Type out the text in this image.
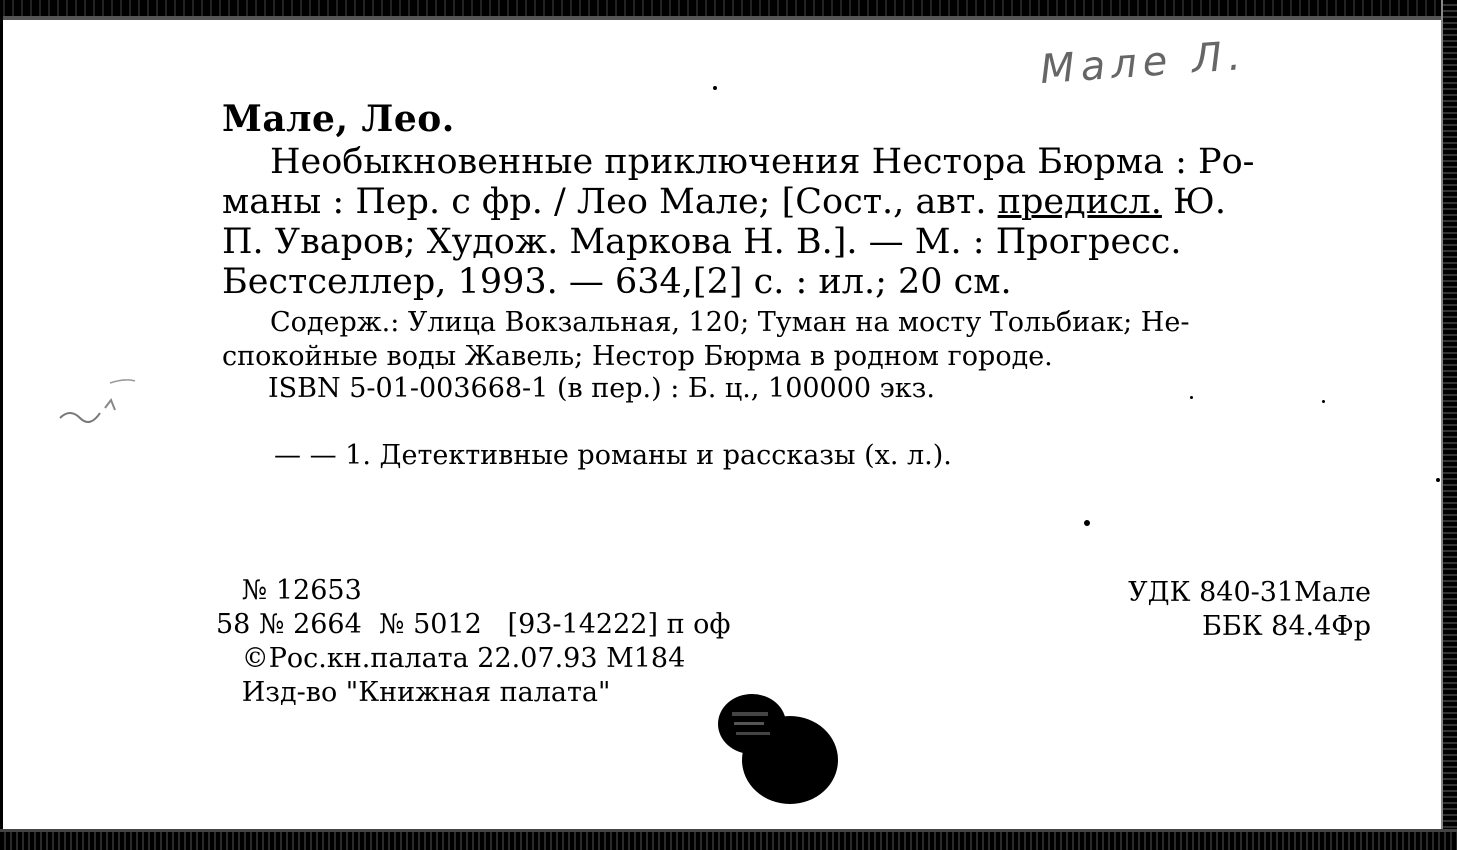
Мале Л.
Мале, Лео.
Необыкновенные приключения Нестора Бюрма : Ро-
маны : Пер. с фр. / Лео Мале; [Сост., авт. предисл. Ю.
П. Уваров; Худож. Маркова Н. В.]. — М. : Прогресс.
Бестселлер, 1993. — 634,[2] с. : ил.; 20 см.
Содерж.: Улица Вокзальная, 120; Туман на мосту Тольбиак; Не-
спокойные воды Жавель; Нестор Бюрма в родном городе.
ISBN 5-01-003668-1 (в пер.) : Б. ц., 100000 экз.
— — 1. Детективные романы и рассказы (х. л.).
№ 12653
58 № 2664  № 5012   [93-14222] п оф
©Рос.кн.палата 22.07.93 М184
Изд-во "Книжная палата"
УДК 840-31Мале
ББК 84.4Фр
